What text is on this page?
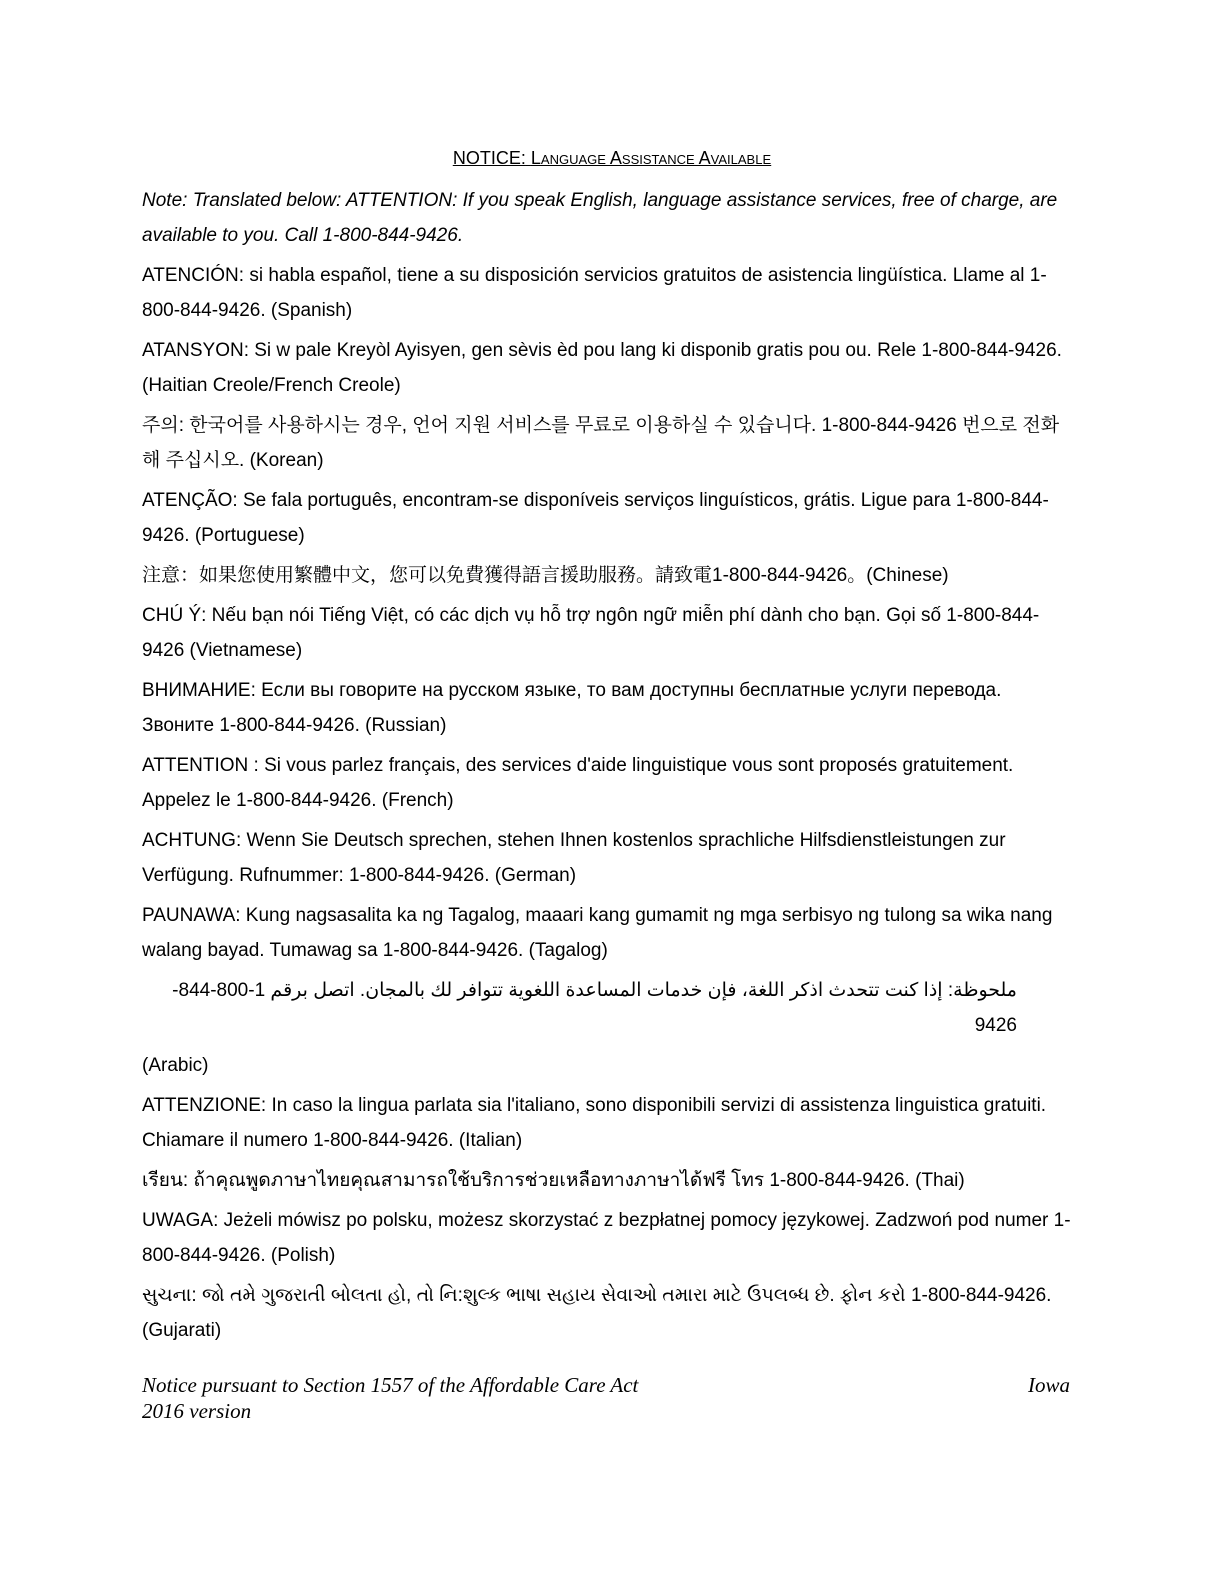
NOTICE: Language Assistance Available

Note: Translated below: ATTENTION: If you speak English, language assistance services, free of charge, are available to you. Call 1-800-844-9426.

ATENCIÓN: si habla español, tiene a su disposición servicios gratuitos de asistencia lingüística. Llame al 1-800-844-9426. (Spanish)

ATANSYON: Si w pale Kreyòl Ayisyen, gen sèvis èd pou lang ki disponib gratis pou ou. Rele 1-800-844-9426. (Haitian Creole/French Creole)

주의: 한국어를 사용하시는 경우, 언어 지원 서비스를 무료로 이용하실 수 있습니다. 1-800-844-9426 번으로 전화해 주십시오. (Korean)

ATENÇÃO: Se fala português, encontram-se disponíveis serviços linguísticos, grátis. Ligue para 1-800-844-9426. (Portuguese)

注意：如果您使用繁體中文，您可以免費獲得語言援助服務。請致電1-800-844-9426。(Chinese)

CHÚ Ý: Nếu bạn nói Tiếng Việt, có các dịch vụ hỗ trợ ngôn ngữ miễn phí dành cho bạn. Gọi số 1-800-844-9426 (Vietnamese)

ВНИМАНИЕ: Если вы говорите на русском языке, то вам доступны бесплатные услуги перевода. Звоните 1-800-844-9426. (Russian)

ATTENTION : Si vous parlez français, des services d'aide linguistique vous sont proposés gratuitement. Appelez le 1-800-844-9426. (French)

ACHTUNG: Wenn Sie Deutsch sprechen, stehen Ihnen kostenlos sprachliche Hilfsdienstleistungen zur Verfügung. Rufnummer: 1-800-844-9426. (German)

PAUNAWA: Kung nagsasalita ka ng Tagalog, maaari kang gumamit ng mga serbisyo ng tulong sa wika nang walang bayad. Tumawag sa 1-800-844-9426. (Tagalog)

ملحوظة: إذا كنت تتحدث اذكر اللغة، فإن خدمات المساعدة اللغوية تتوافر لك بالمجان. اتصل برقم 1-800-844-9426

(Arabic)

ATTENZIONE: In caso la lingua parlata sia l'italiano, sono disponibili servizi di assistenza linguistica gratuiti. Chiamare il numero 1-800-844-9426. (Italian)

เรียน: ถ้าคุณพูดภาษาไทยคุณสามารถใช้บริการช่วยเหลือทางภาษาได้ฟรี โทร 1-800-844-9426. (Thai)

UWAGA: Jeżeli mówisz po polsku, możesz skorzystać z bezpłatnej pomocy językowej. Zadzwoń pod numer 1-800-844-9426. (Polish)

સુચના: જો તમે ગુજરાતી બોલતા હો, તો નિ:શુલ્ક ભાષા સહાય સેવાઓ તમારા માટે ઉપલબ્ધ છે. ફોન કરો 1-800-844-9426. (Gujarati)

Notice pursuant to Section 1557 of the Affordable Care Act
2016 version
Iowa
